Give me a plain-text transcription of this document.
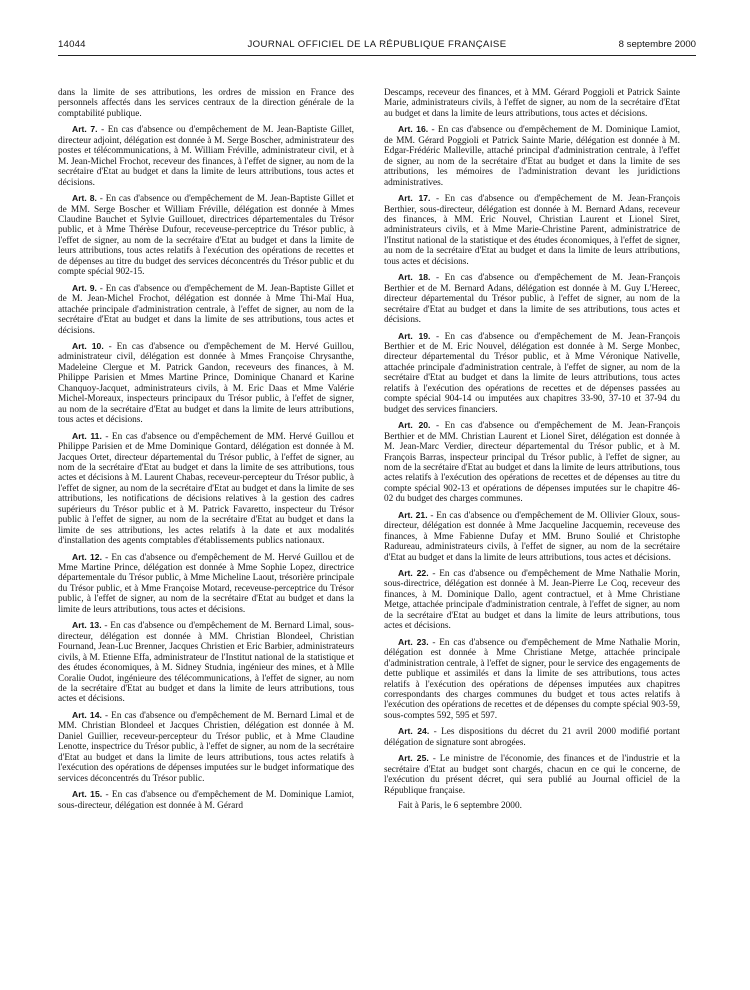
14044	JOURNAL OFFICIEL DE LA RÉPUBLIQUE FRANÇAISE	8 septembre 2000

dans la limite de ses attributions, les ordres de mission en France des personnels affectés dans les services centraux de la direction générale de la comptabilité publique.

Art. 7. - En cas d'absence ou d'empêchement de M. Jean-Baptiste Gillet, directeur adjoint, délégation est donnée à M. Serge Boscher, administrateur des postes et télécommunications, à M. William Fréville, administrateur civil, et à M. Jean-Michel Frochot, receveur des finances, à l'effet de signer, au nom de la secrétaire d'Etat au budget et dans la limite de leurs attributions, tous actes et décisions.

Art. 8. - En cas d'absence ou d'empêchement de M. Jean-Baptiste Gillet et de MM. Serge Boscher et William Fréville, délégation est donnée à Mmes Claudine Bauchet et Sylvie Guillouet, directrices départementales du Trésor public, et à Mme Thérèse Dufour, receveuse-perceptrice du Trésor public, à l'effet de signer, au nom de la secrétaire d'Etat au budget et dans la limite de leurs attributions, tous actes relatifs à l'exécution des opérations de recettes et de dépenses au titre du budget des services déconcentrés du Trésor public et du compte spécial 902-15.

Art. 9. - En cas d'absence ou d'empêchement de M. Jean-Baptiste Gillet et de M. Jean-Michel Frochot, délégation est donnée à Mme Thi-Maï Hua, attachée principale d'administration centrale, à l'effet de signer, au nom de la secrétaire d'Etat au budget et dans la limite de ses attributions, tous actes et décisions.

Art. 10. - En cas d'absence ou d'empêchement de M. Hervé Guillou, administrateur civil, délégation est donnée à Mmes Françoise Chrysanthe, Madeleine Clergue et M. Patrick Gandon, receveurs des finances, à M. Philippe Parisien et Mmes Martine Prince, Dominique Chanard et Karine Chanquoy-Jacquet, administrateurs civils, à M. Eric Daas et Mme Valérie Michel-Moreaux, inspecteurs principaux du Trésor public, à l'effet de signer, au nom de la secrétaire d'Etat au budget et dans la limite de leurs attributions, tous actes et décisions.

Art. 11. - En cas d'absence ou d'empêchement de MM. Hervé Guillou et Philippe Parisien et de Mme Dominique Gontard, délégation est donnée à M. Jacques Ortet, directeur départemental du Trésor public, à l'effet de signer, au nom de la secrétaire d'Etat au budget et dans la limite de ses attributions, tous actes et décisions à M. Laurent Chabas, receveur-percepteur du Trésor public, à l'effet de signer, au nom de la secrétaire d'Etat au budget et dans la limite de ses attributions, les notifications de décisions relatives à la gestion des cadres supérieurs du Trésor public et à M. Patrick Favaretto, inspecteur du Trésor public à l'effet de signer, au nom de la secrétaire d'Etat au budget et dans la limite de ses attributions, les actes relatifs à la date et aux modalités d'installation des agents comptables d'établissements publics nationaux.

Art. 12. - En cas d'absence ou d'empêchement de M. Hervé Guillou et de Mme Martine Prince, délégation est donnée à Mme Sophie Lopez, directrice départementale du Trésor public, à Mme Micheline Laout, trésorière principale du Trésor public, et à Mme Françoise Motard, receveuse-perceptrice du Trésor public, à l'effet de signer, au nom de la secrétaire d'Etat au budget et dans la limite de leurs attributions, tous actes et décisions.

Art. 13. - En cas d'absence ou d'empêchement de M. Bernard Limal, sous-directeur, délégation est donnée à MM. Christian Blondeel, Christian Fournand, Jean-Luc Brenner, Jacques Christien et Eric Barbier, administrateurs civils, à M. Etienne Effa, administrateur de l'Institut national de la statistique et des études économiques, à M. Sidney Studnia, ingénieur des mines, et à Mlle Coralie Oudot, ingénieure des télécommunications, à l'effet de signer, au nom de la secrétaire d'Etat au budget et dans la limite de leurs attributions, tous actes et décisions.

Art. 14. - En cas d'absence ou d'empêchement de M. Bernard Limal et de MM. Christian Blondeel et Jacques Christien, délégation est donnée à M. Daniel Guillier, receveur-percepteur du Trésor public, et à Mme Claudine Lenotte, inspectrice du Trésor public, à l'effet de signer, au nom de la secrétaire d'Etat au budget et dans la limite de leurs attributions, tous actes relatifs à l'exécution des opérations de dépenses imputées sur le budget informatique des services déconcentrés du Trésor public.

Art. 15. - En cas d'absence ou d'empêchement de M. Dominique Lamiot, sous-directeur, délégation est donnée à M. Gérard

Descamps, receveur des finances, et à MM. Gérard Poggioli et Patrick Sainte Marie, administrateurs civils, à l'effet de signer, au nom de la secrétaire d'Etat au budget et dans la limite de leurs attributions, tous actes et décisions.

Art. 16. - En cas d'absence ou d'empêchement de M. Dominique Lamiot, de MM. Gérard Poggioli et Patrick Sainte Marie, délégation est donnée à M. Edgar-Frédéric Malleville, attaché principal d'administration centrale, à l'effet de signer, au nom de la secrétaire d'Etat au budget et dans la limite de ses attributions, les mémoires de l'administration devant les juridictions administratives.

Art. 17. - En cas d'absence ou d'empêchement de M. Jean-François Berthier, sous-directeur, délégation est donnée à M. Bernard Adans, receveur des finances, à MM. Eric Nouvel, Christian Laurent et Lionel Siret, administrateurs civils, et à Mme Marie-Christine Parent, administratrice de l'Institut national de la statistique et des études économiques, à l'effet de signer, au nom de la secrétaire d'Etat au budget et dans la limite de leurs attributions, tous actes et décisions.

Art. 18. - En cas d'absence ou d'empêchement de M. Jean-François Berthier et de M. Bernard Adans, délégation est donnée à M. Guy L'Hereec, directeur départemental du Trésor public, à l'effet de signer, au nom de la secrétaire d'Etat au budget et dans la limite de ses attributions, tous actes et décisions.

Art. 19. - En cas d'absence ou d'empêchement de M. Jean-François Berthier et de M. Eric Nouvel, délégation est donnée à M. Serge Monbec, directeur départemental du Trésor public, et à Mme Véronique Nativelle, attachée principale d'administration centrale, à l'effet de signer, au nom de la secrétaire d'Etat au budget et dans la limite de leurs attributions, tous actes relatifs à l'exécution des opérations de recettes et de dépenses passées au compte spécial 904-14 ou imputées aux chapitres 33-90, 37-10 et 37-94 du budget des services financiers.

Art. 20. - En cas d'absence ou d'empêchement de M. Jean-François Berthier et de MM. Christian Laurent et Lionel Siret, délégation est donnée à M. Jean-Marc Verdier, directeur départemental du Trésor public, et à M. François Barras, inspecteur principal du Trésor public, à l'effet de signer, au nom de la secrétaire d'Etat au budget et dans la limite de leurs attributions, tous actes relatifs à l'exécution des opérations de recettes et de dépenses au titre du compte spécial 902-13 et opérations de dépenses imputées sur le chapitre 46-02 du budget des charges communes.

Art. 21. - En cas d'absence ou d'empêchement de M. Ollivier Gloux, sous-directeur, délégation est donnée à Mme Jacqueline Jacquemin, receveuse des finances, à Mme Fabienne Dufay et MM. Bruno Soulié et Christophe Radureau, administrateurs civils, à l'effet de signer, au nom de la secrétaire d'Etat au budget et dans la limite de leurs attributions, tous actes et décisions.

Art. 22. - En cas d'absence ou d'empêchement de Mme Nathalie Morin, sous-directrice, délégation est donnée à M. Jean-Pierre Le Coq, receveur des finances, à M. Dominique Dallo, agent contractuel, et à Mme Christiane Metge, attachée principale d'administration centrale, à l'effet de signer, au nom de la secrétaire d'Etat au budget et dans la limite de leurs attributions, tous actes et décisions.

Art. 23. - En cas d'absence ou d'empêchement de Mme Nathalie Morin, délégation est donnée à Mme Christiane Metge, attachée principale d'administration centrale, à l'effet de signer, pour le service des engagements de dette publique et assimilés et dans la limite de ses attributions, tous actes relatifs à l'exécution des opérations de dépenses imputées aux chapitres correspondants des charges communes du budget et tous actes relatifs à l'exécution des opérations de recettes et de dépenses du compte spécial 903-59, sous-comptes 592, 595 et 597.

Art. 24. - Les dispositions du décret du 21 avril 2000 modifié portant délégation de signature sont abrogées.

Art. 25. - Le ministre de l'économie, des finances et de l'industrie et la secrétaire d'Etat au budget sont chargés, chacun en ce qui le concerne, de l'exécution du présent décret, qui sera publié au Journal officiel de la République française.

Fait à Paris, le 6 septembre 2000.
